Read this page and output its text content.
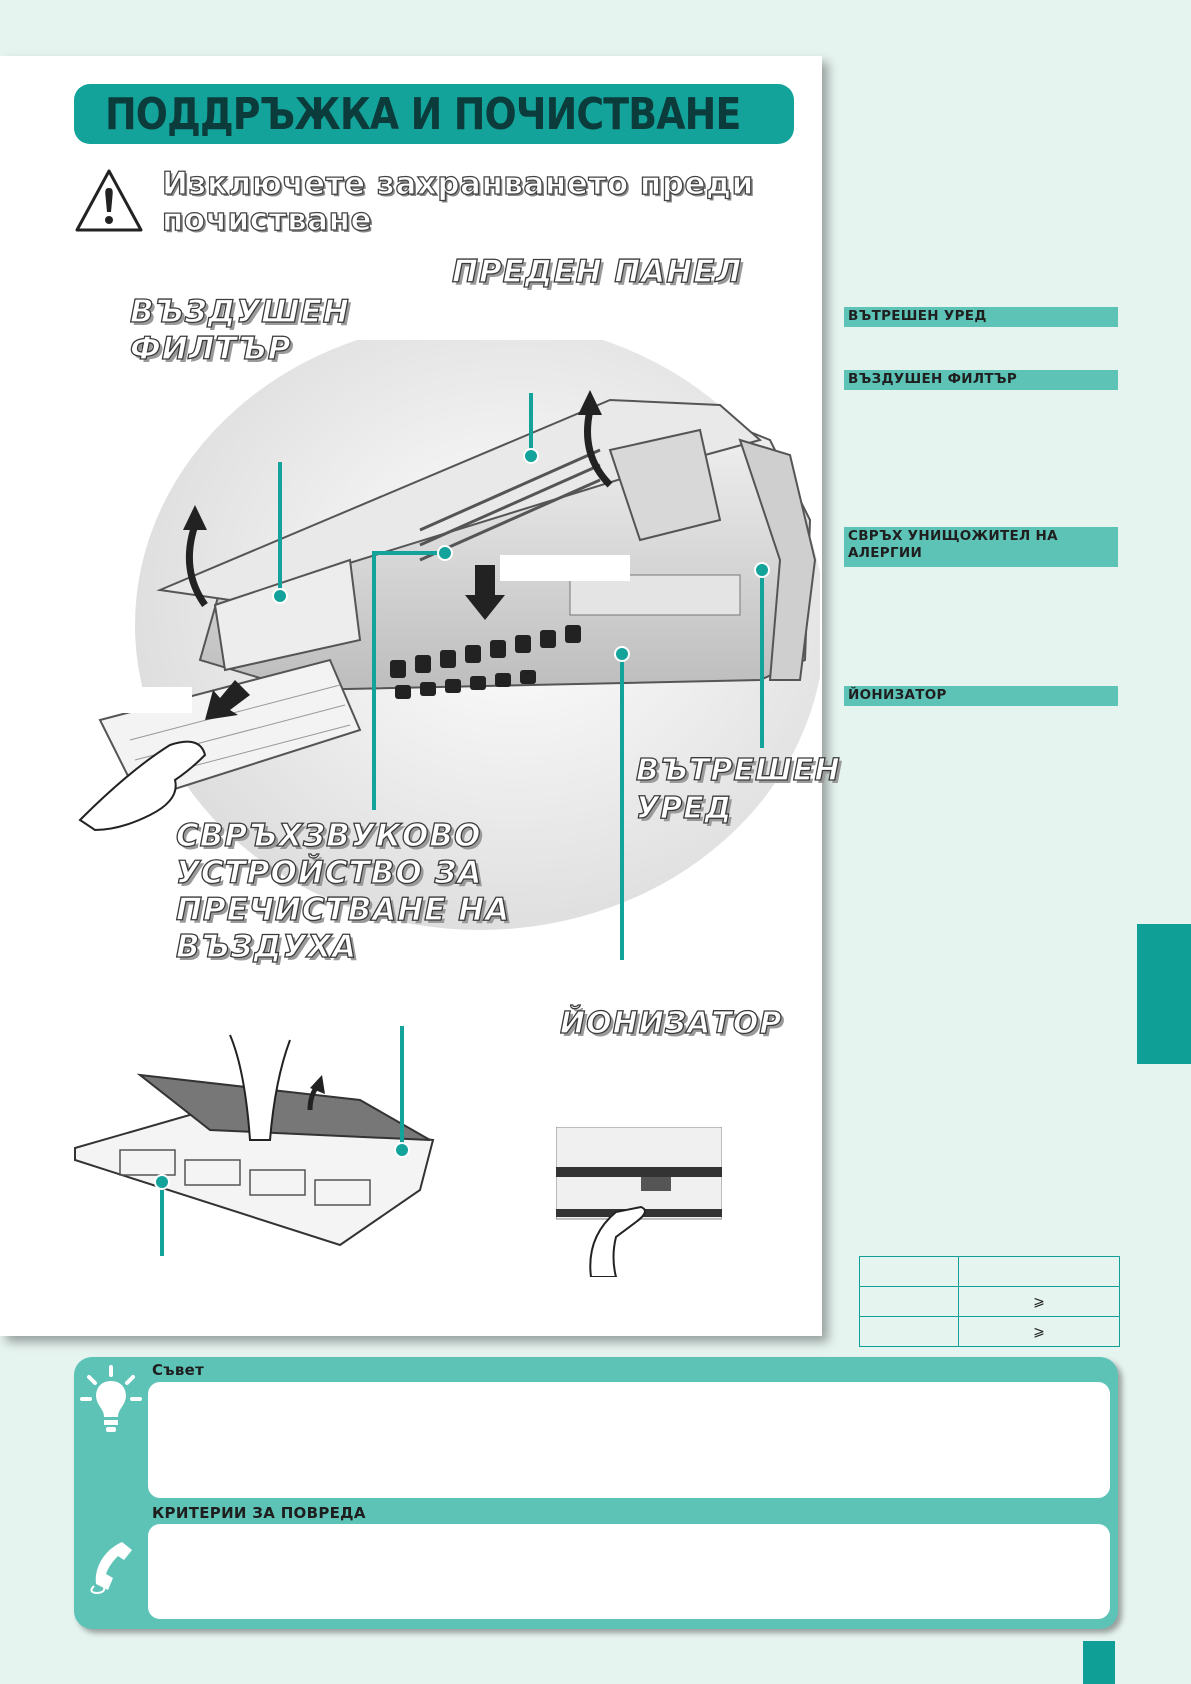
ПОДДРЪЖКА И ПОЧИСТВАНЕ
Изключете захранването преди почистване
ПРЕДЕН ПАНЕЛ
ВЪЗДУШЕН
ФИЛТЪР
ВЪТРЕШЕН
УРЕД
СВРЪХЗВУКОВО
УСТРОЙСТВО ЗА
ПРЕЧИСТВАНЕ НА
ВЪЗДУХА
ЙОНИЗАТОР
ВЪТРЕШЕН УРЕД
ВЪЗДУШЕН ФИЛТЪР
СВРЪХ УНИЩОЖИТЕЛ НА АЛЕРГИИ
ЙОНИЗАТОР

	⩾
	⩾
Съвет
КРИТЕРИИ ЗА ПОВРЕДА
